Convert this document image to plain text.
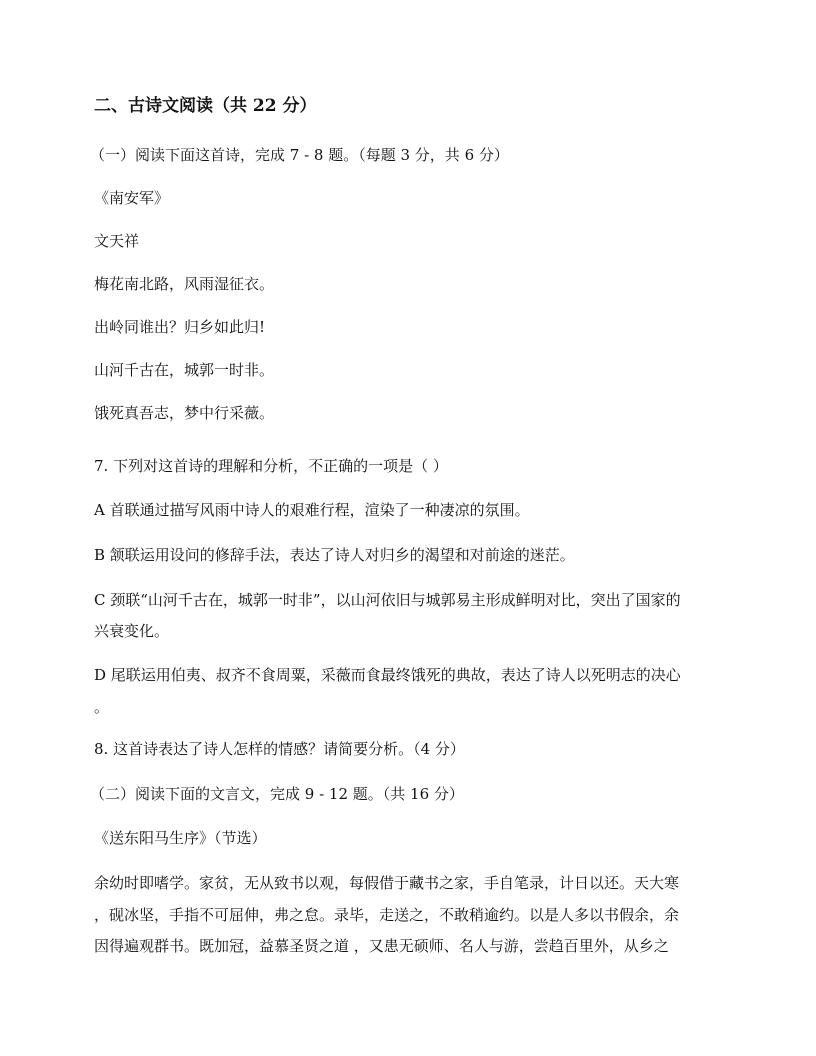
二、古诗文阅读（共 22 分）
（一）阅读下面这首诗，完成 7 - 8 题。（每题 3 分，共 6 分）
《南安军》
文天祥
梅花南北路，风雨湿征衣。
出岭同谁出？归乡如此归!
山河千古在，城郭一时非。
饿死真吾志，梦中行采薇。
7. 下列对这首诗的理解和分析，不正确的一项是（ ）
A 首联通过描写风雨中诗人的艰难行程，渲染了一种凄凉的氛围。
B 颔联运用设问的修辞手法，表达了诗人对归乡的渴望和对前途的迷茫。
C 颈联“山河千古在，城郭一时非”，以山河依旧与城郭易主形成鲜明对比，突出了国家的
兴衰变化。
D 尾联运用伯夷、叔齐不食周粟，采薇而食最终饿死的典故，表达了诗人以死明志的决心
。
8. 这首诗表达了诗人怎样的情感？请简要分析。（4 分）
（二）阅读下面的文言文，完成 9 - 12 题。（共 16 分）
《送东阳马生序》（节选）
余幼时即嗜学。家贫，无从致书以观，每假借于藏书之家，手自笔录，计日以还。天大寒
，砚冰坚，手指不可屈伸，弗之怠。录毕，走送之，不敢稍逾约。以是人多以书假余，余
因得遍观群书。既加冠，益慕圣贤之道 ，又患无硕师、名人与游，尝趋百里外，从乡之
